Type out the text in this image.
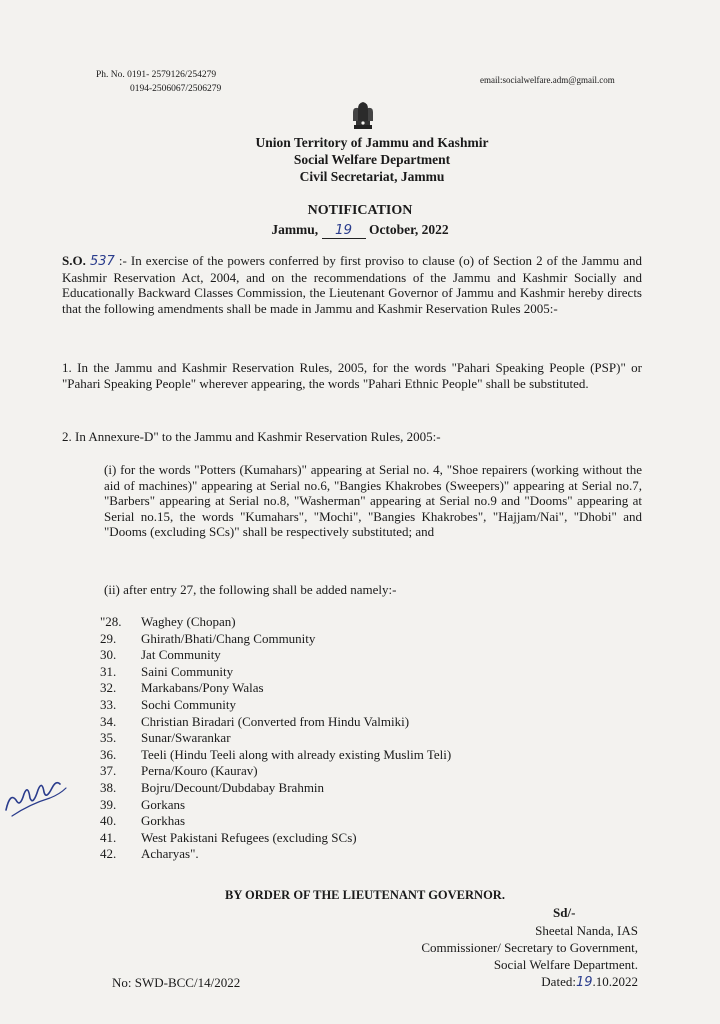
Ph. No. 0191- 2579126/254279
0194-2506067/2506279
email:socialwelfare.adm@gmail.com
Union Territory of Jammu and Kashmir
Social Welfare Department
Civil Secretariat, Jammu
NOTIFICATION
Jammu, 19 October, 2022
S.O. 537 :- In exercise of the powers conferred by first proviso to clause (o) of Section 2 of the Jammu and Kashmir Reservation Act, 2004, and on the recommendations of the Jammu and Kashmir Socially and Educationally Backward Classes Commission, the Lieutenant Governor of Jammu and Kashmir hereby directs that the following amendments shall be made in Jammu and Kashmir Reservation Rules 2005:-
1. In the Jammu and Kashmir Reservation Rules, 2005, for the words "Pahari Speaking People (PSP)" or "Pahari Speaking People" wherever appearing, the words "Pahari Ethnic People" shall be substituted.
2. In Annexure-D" to the Jammu and Kashmir Reservation Rules, 2005:-
(i) for the words "Potters (Kumahars)" appearing at Serial no. 4, "Shoe repairers (working without the aid of machines)" appearing at Serial no.6, "Bangies Khakrobes (Sweepers)" appearing at Serial no.7, "Barbers" appearing at Serial no.8, "Washerman" appearing at Serial no.9 and "Dooms" appearing at Serial no.15, the words "Kumahars", "Mochi", "Bangies Khakrobes", "Hajjam/Nai", "Dhobi" and "Dooms (excluding SCs)" shall be respectively substituted; and
(ii) after entry 27, the following shall be added namely:-
"28.	Waghey (Chopan)
29.	Ghirath/Bhati/Chang Community
30.	Jat Community
31.	Saini Community
32.	Markabans/Pony Walas
33.	Sochi Community
34.	Christian Biradari (Converted from Hindu Valmiki)
35.	Sunar/Swarankar
36.	Teeli (Hindu Teeli along with already existing Muslim Teli)
37.	Perna/Kouro (Kaurav)
38.	Bojru/Decount/Dubdabay Brahmin
39.	Gorkans
40.	Gorkhas
41.	West Pakistani Refugees (excluding SCs)
42.	Acharyas".
BY ORDER OF THE LIEUTENANT GOVERNOR.
Sd/-
Sheetal Nanda, IAS
Commissioner/ Secretary to Government,
Social Welfare Department.
Dated:19.10.2022
No: SWD-BCC/14/2022
